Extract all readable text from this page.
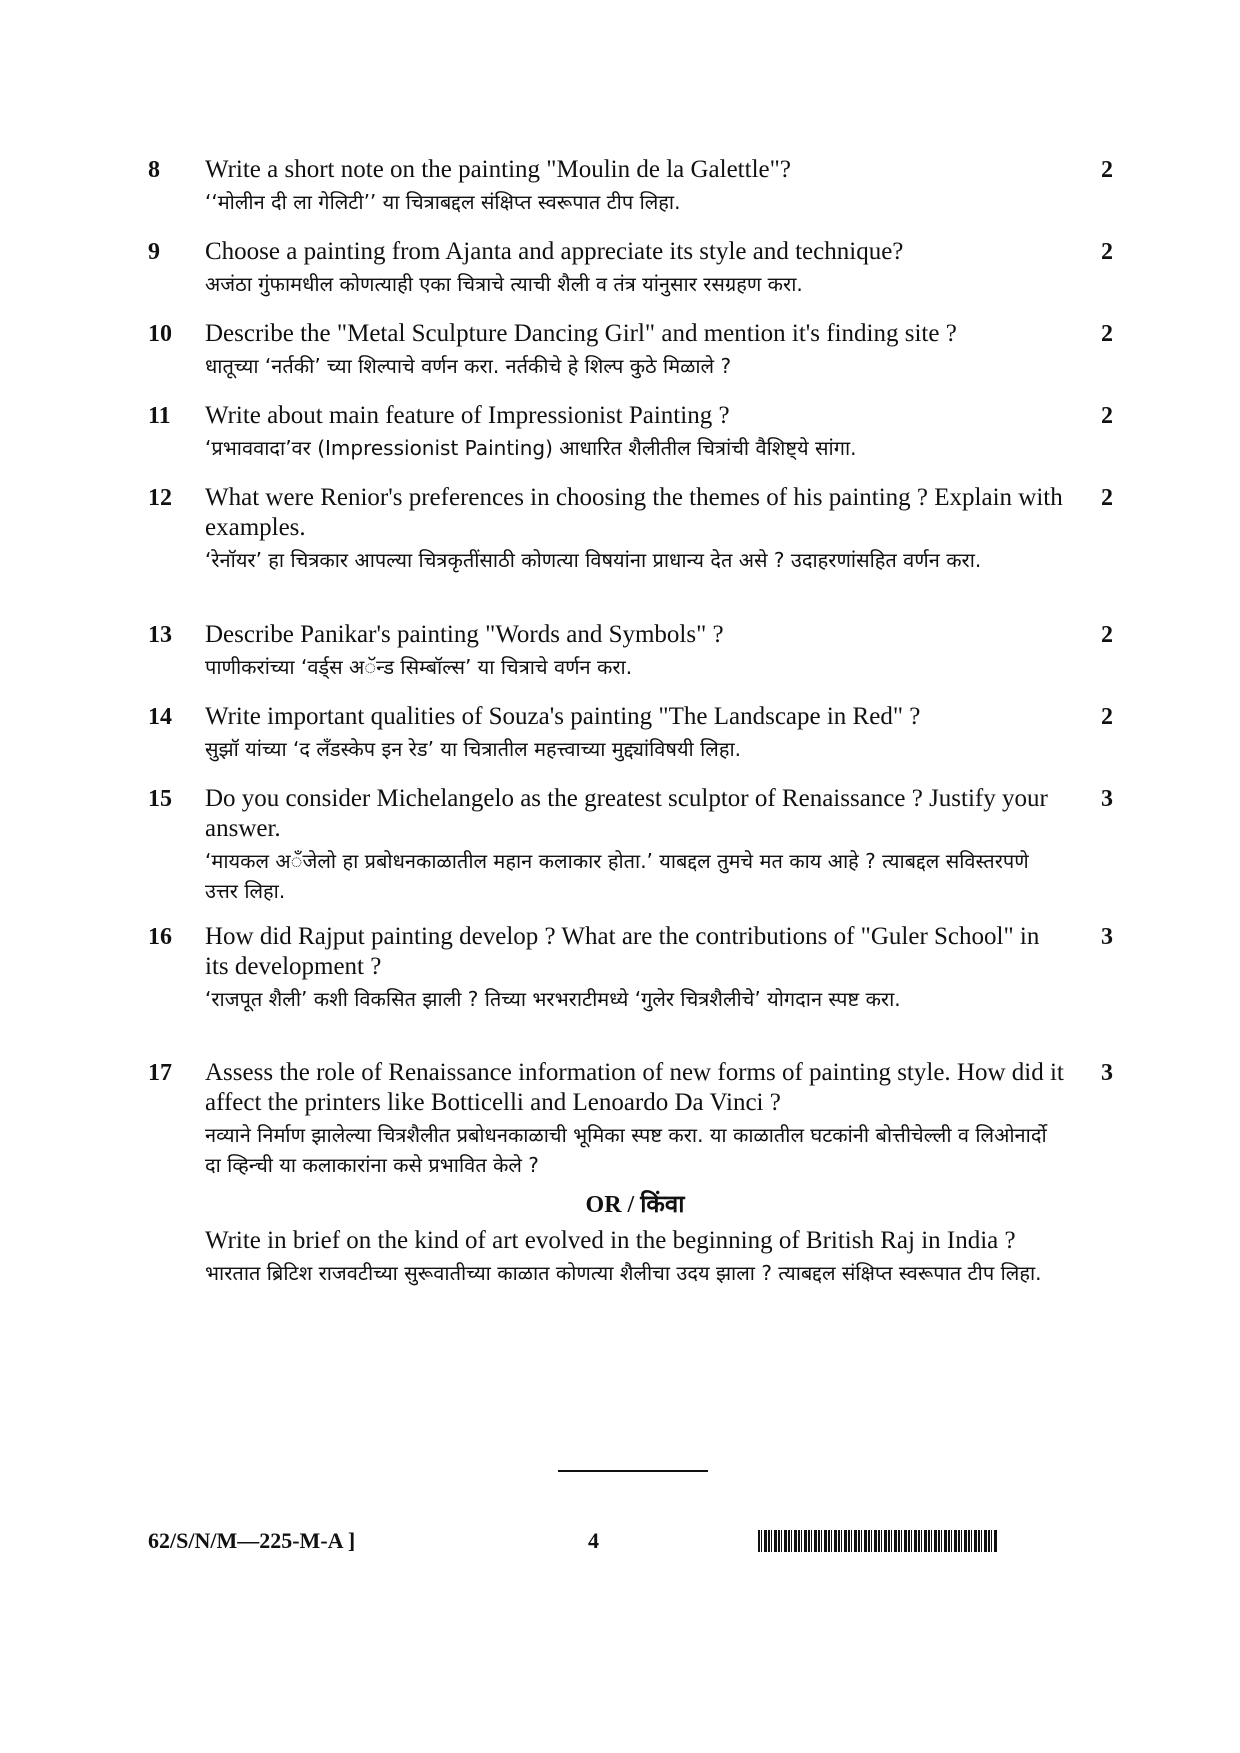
8 Write a short note on the painting "Moulin de la Galettle"?

‘‘मोलीन दी ला गेलिटी’’ या चित्राबद्दल संक्षिप्त स्वरूपात टीप लिहा.

2
9 Choose a painting from Ajanta and appreciate its style and technique?

अजंठा गुंफामधील कोणत्याही एका चित्राचे त्याची शैली व तंत्र यांनुसार रसग्रहण करा.

2
10 Describe the "Metal Sculpture Dancing Girl" and mention it's finding site ?

धातूच्या ‘नर्तकी’ च्या शिल्पाचे वर्णन करा. नर्तकीचे हे शिल्प कुठे मिळाले ?

2
11 Write about main feature of Impressionist Painting ?

‘प्रभाववादा’वर (Impressionist Painting) आधारित शैलीतील चित्रांची वैशिष्ट्ये सांगा.

2
12 What were Renior's preferences in choosing the themes of his painting ? Explain with examples.

‘रेनॉयर’ हा चित्रकार आपल्या चित्रकृतींसाठी कोणत्या विषयांना प्राधान्य देत असे ? उदाहरणांसहित वर्णन करा.

2
13 Describe Panikar's painting "Words and Symbols" ?

पाणीकरांच्या ‘वर्ड्स अॅन्ड सिम्बॉल्स’ या चित्राचे वर्णन करा.

2
14 Write important qualities of Souza's painting "The Landscape in Red" ?

सुझॉ यांच्या ‘द लॅंडस्केप इन रेड’ या चित्रातील महत्त्वाच्या मुद्द्यांविषयी लिहा.

2
15 Do you consider Michelangelo as the greatest sculptor of Renaissance ? Justify your answer.

‘मायकल अॅंजेलो हा प्रबोधनकाळातील महान कलाकार होता.’ याबद्दल तुमचे मत काय आहे ? त्याबद्दल सविस्तरपणे उत्तर लिहा.

3
16 How did Rajput painting develop ? What are the contributions of "Guler School" in its development ?

‘राजपूत शैली’ कशी विकसित झाली ? तिच्या भरभराटीमध्ये ‘गुलेर चित्रशैलीचे’ योगदान स्पष्ट करा.

3
17 Assess the role of Renaissance information of new forms of painting style. How did it affect the printers like Botticelli and Lenoardo Da Vinci ?

नव्याने निर्माण झालेल्या चित्रशैलीत प्रबोधनकाळाची भूमिका स्पष्ट करा. या काळातील घटकांनी बोत्तीचेल्ली व लिओनार्दो दा व्हिन्ची या कलाकारांना कसे प्रभावित केले ?

OR / किंवा

Write in brief on the kind of art evolved in the beginning of British Raj in India ?

भारतात ब्रिटिश राजवटीच्या सुरूवातीच्या काळात कोणत्या शैलीचा उदय झाला ? त्याबद्दल संक्षिप्त स्वरूपात टीप लिहा.

3
62/S/N/M—225-M-A ]	4
